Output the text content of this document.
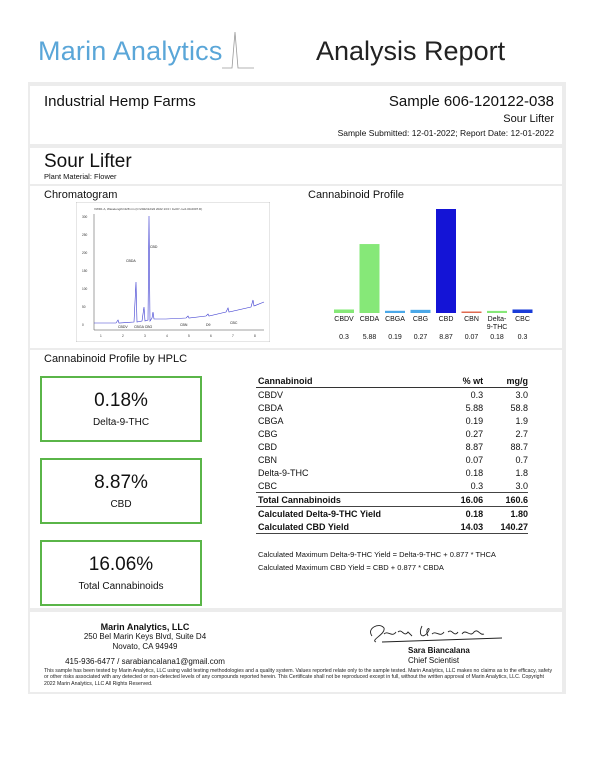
Marin Analytics	Analysis Report
Industrial Hemp Farms	Sample 606-120122-038
Sour Lifter
Sample Submitted: 12-01-2022; Report Date: 12-01-2022
Sour Lifter
Plant Material: Flower
Chromatogram	Cannabinoid Profile
VWD1 A, Wavelength=228 nm (C:\2022\12\22 2022 13:0 \ 0+00 \ 1+0-00-0007.D)
300
250
200
150
100
50
0
1	2	3	4	5	6	7	8
CBDA
CBD
CBDV CBGA CBG	CBN	D9	CBC	CBDV CBDA CBGA	CBG	CBD	CBN	Delta-
9-THC
CBC
0.3	5.88	0.19	0.27	8.87	0.07	0.18	0.3
Cannabinoid Profile by HPLC
0.18%
Delta-9-THC
8.87%
CBD
16.06%
Total Cannabinoids
Cannabinoid	% wt	mg/g
CBDV	0.3	3.0
CBDA	5.88	58.8
CBGA	0.19	1.9
CBG	0.27	2.7
CBD	8.87	88.7
CBN	0.07	0.7
Delta-9-THC	0.18	1.8
CBC	0.3	3.0
Total Cannabinoids	16.06	160.6
Calculated Delta-9-THC Yield	0.18	1.80
Calculated CBD Yield	14.03	140.27
Calculated Maximum Delta-9-THC Yield = Delta-9-THC + 0.877 * THCA
Calculated Maximum CBD Yield = CBD + 0.877 * CBDA
Marin Analytics, LLC
250 Bel Marin Keys Blvd, Suite D4
Novato, CA 94949
415-936-6477 / sarabiancalana1@gmail.com
Sara Biancalana
Chief Scientist
This sample has been tested by Marin Analytics, LLC using valid testing methodologies and a quality system. Values reported relate only to the sample tested. Marin Analytics, LLC makes no claims as to the efficacy, safety or other risks associated with any detected or non-detected levels of any compounds reported herein. This Certificate shall not be reproduced except in full, without the written approval of Marin Analytics, LLC. Copyright 2022 Marin Analytics, LLC All Rights Reserved.
